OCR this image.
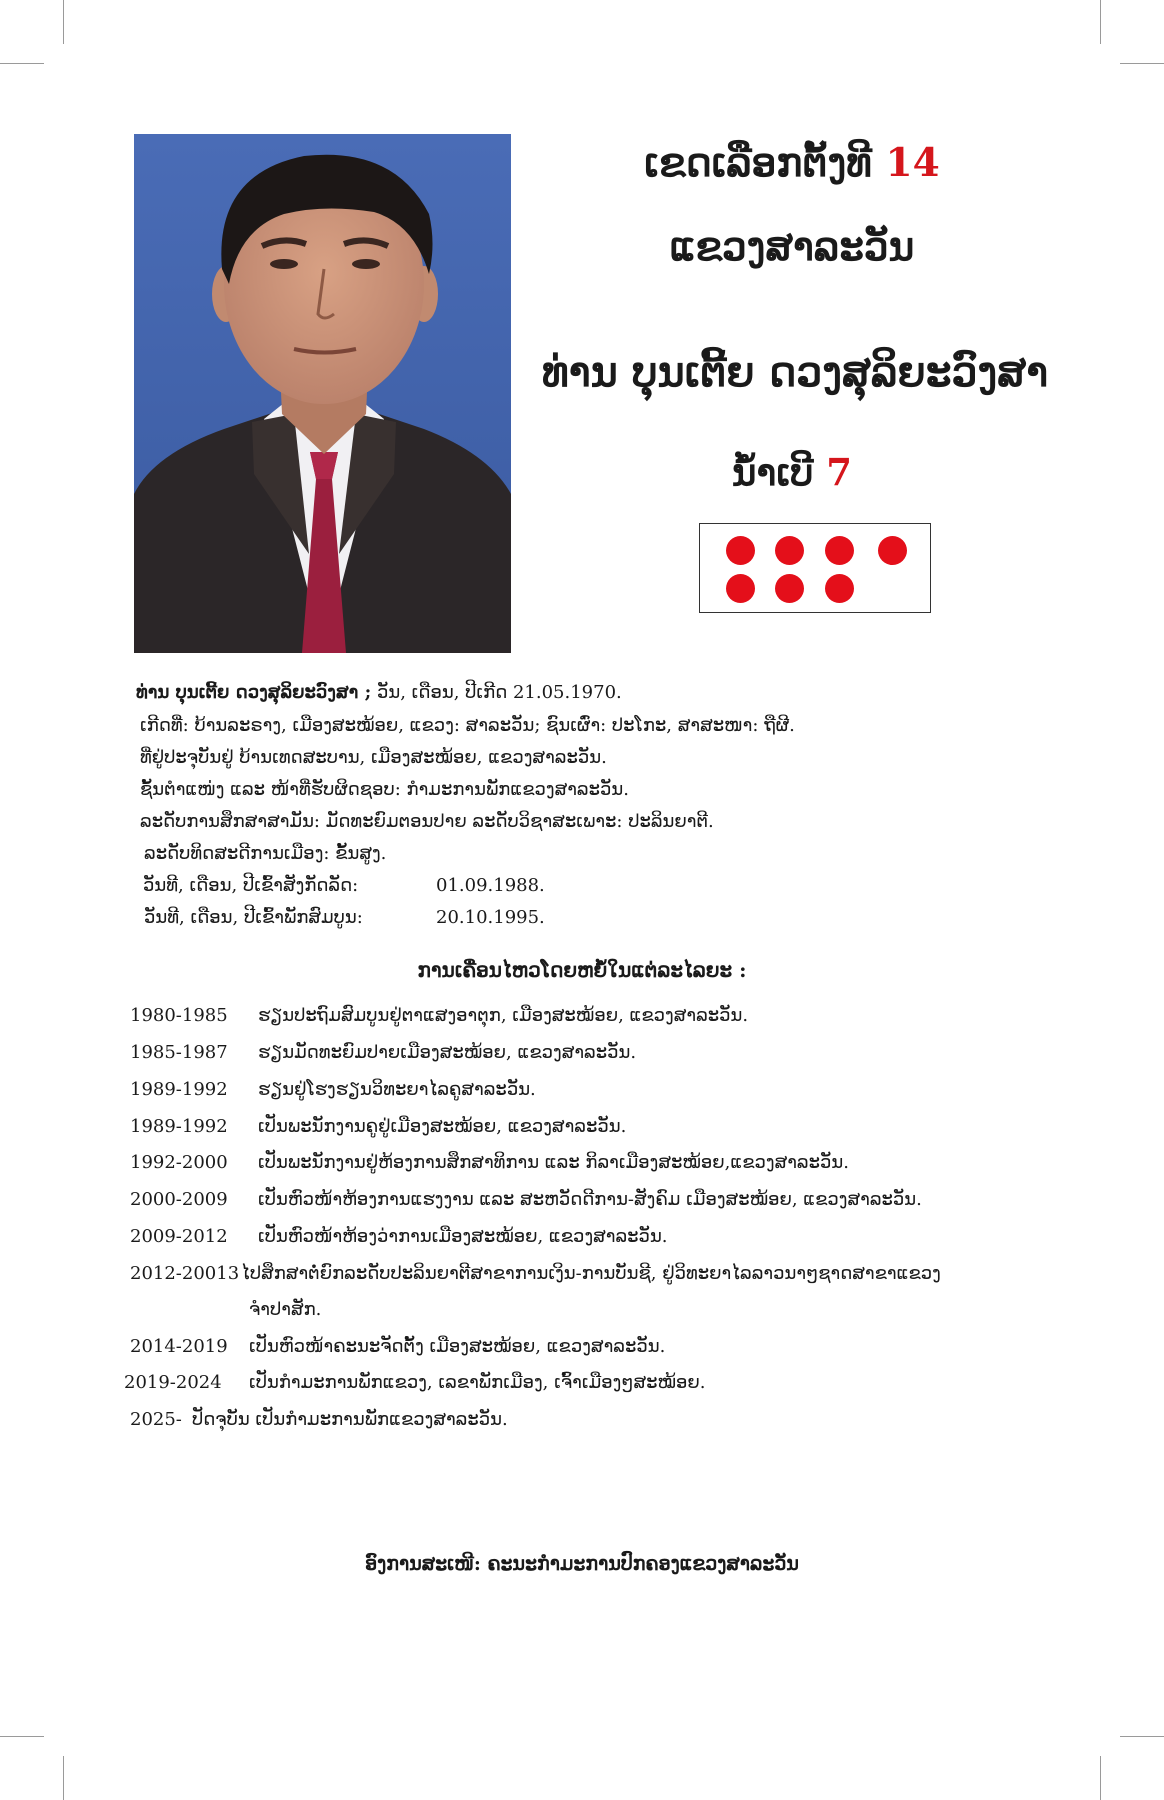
ເຂດເລືອກຕັ້ງທີ 14
ແຂວງສາລະວັນ
ທ່ານ ບຸນເຕີ້ຍ ດວງສຸລິຍະວົງສາ
ນໍ້າເບີ 7
ທ່ານ ບຸນເຕີ້ຍ ດວງສຸລິຍະວົງສາ ; ວັນ, ເດືອນ, ປີເກີດ 21.05.1970.
ເກີດທີ່: ບ້ານລະຣາງ, ເມືອງສະໝ້ອຍ, ແຂວງ: ສາລະວັນ; ຊົນເຜົ່າ: ປະໂກະ, ສາສະໜາ: ຖືຜີ.
ທີ່ຢູ່ປະຈຸບັນຢູ່ ບ້ານເທດສະບານ, ເມືອງສະໝ້ອຍ, ແຂວງສາລະວັນ.
ຊັ້ນຕໍາແໜ່ງ ແລະ ໜ້າທີ່ຮັບຜິດຊອບ: ກໍາມະການພັກແຂວງສາລະວັນ.
ລະດັບການສຶກສາສາມັນ: ມັດທະຍົມຕອນປາຍ ລະດັບວິຊາສະເພາະ: ປະລິນຍາຕີ.
ລະດັບທິດສະດີການເມືອງ: ຂັ້ນສູງ.
ວັນທີ, ເດືອນ, ປີເຂົ້າສັງກັດລັດ:	01.09.1988.
ວັນທີ, ເດືອນ, ປີເຂົ້າພັກສົມບູນ:	20.10.1995.
ການເຄື່ອນໄຫວໂດຍຫຍໍ້ໃນແຕ່ລະໄລຍະ :
1980-1985 ຮຽນປະຖົມສົມບູນຢູ່ຕາແສງອາຕຸກ, ເມືອງສະໝ້ອຍ, ແຂວງສາລະວັນ.
1985-1987 ຮຽນມັດທະຍົມປາຍເມືອງສະໝ້ອຍ, ແຂວງສາລະວັນ.
1989-1992 ຮຽນຢູ່ໂຮງຮຽນວິທະຍາໄລຄູສາລະວັນ.
1989-1992 ເປັນພະນັກງານຄູຢູ່ເມືອງສະໝ້ອຍ, ແຂວງສາລະວັນ.
1992-2000 ເປັນພະນັກງານຢູ່ຫ້ອງການສຶກສາທິການ ແລະ ກິລາເມືອງສະໝ້ອຍ,ແຂວງສາລະວັນ.
2000-2009 ເປັນຫົວໜ້າຫ້ອງການແຮງງານ ແລະ ສະຫວັດດີການ-ສັງຄົມ ເມືອງສະໝ້ອຍ, ແຂວງສາລະວັນ.
2009-2012 ເປັນຫົວໜ້າຫ້ອງວ່າການເມືອງສະໝ້ອຍ, ແຂວງສາລະວັນ.
2012-20013 ໄປສຶກສາຕໍ່ຍົກລະດັບປະລິນຍາຕີສາຂາການເງິນ-ການບັນຊີ, ຢູ່ວິທະຍາໄລລາວນາໆຊາດສາຂາແຂວງ
ຈໍາປາສັກ.
2014-2019 ເປັນຫົວໜ້າຄະນະຈັດຕັ້ງ ເມືອງສະໝ້ອຍ, ແຂວງສາລະວັນ.
2019-2024 ເປັນກໍາມະການພັກແຂວງ, ເລຂາພັກເມືອງ, ເຈົ້າເມືອງໆສະໝ້ອຍ.
2025- ປັດຈຸບັນ ເປັນກໍາມະການພັກແຂວງສາລະວັນ.
ອົງການສະເໜີ: ຄະນະກໍາມະການປົກຄອງແຂວງສາລະວັນ
